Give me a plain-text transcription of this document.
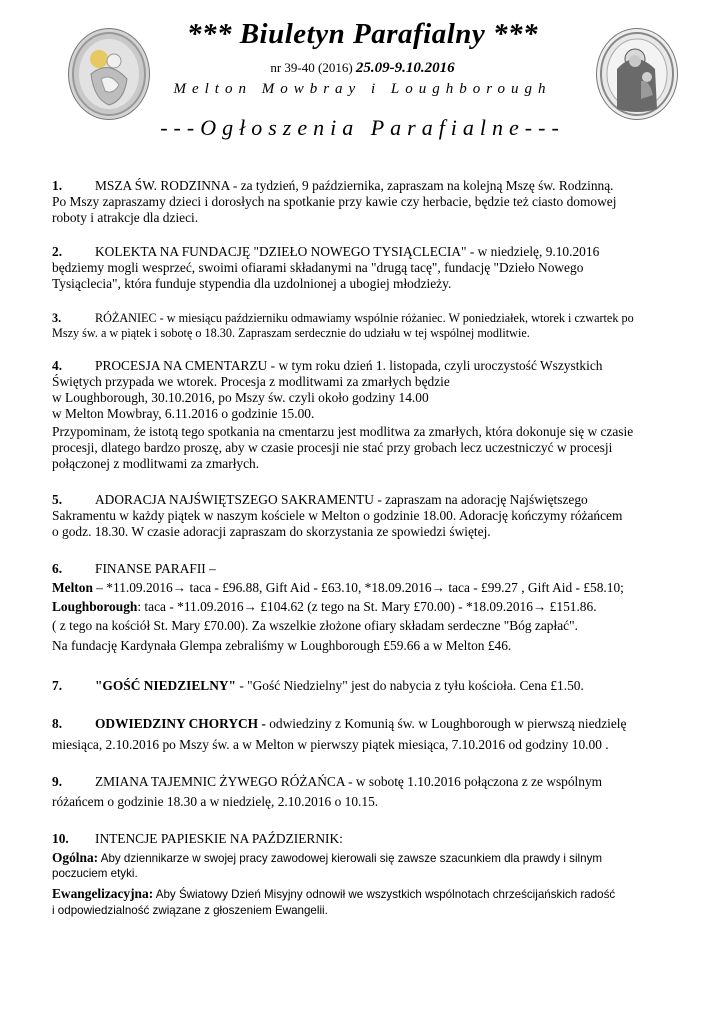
*** Biuletyn Parafialny ***
nr 39-40 (2016) 25.09-9.10.2016
Melton Mowbray i Loughborough
---Ogłoszenia Parafialne---
1. MSZA ŚW. RODZINNA - za tydzień, 9 października, zapraszam na kolejną Mszę św. Rodzinną.
Po Mszy zapraszamy dzieci i dorosłych na spotkanie przy kawie czy herbacie, będzie też ciasto domowej
roboty i atrakcje dla dzieci.
2. KOLEKTA NA FUNDACJĘ "DZIEŁO NOWEGO TYSIĄCLECIA" - w niedzielę, 9.10.2016
będziemy mogli wesprzeć, swoimi ofiarami składanymi na "drugą tacę", fundację "Dzieło Nowego
Tysiąclecia", która funduje stypendia dla uzdolnionej a ubogiej młodzieży.
3.	RÓŻANIEC - w miesiącu październiku odmawiamy wspólnie różaniec. W poniedziałek, wtorek i czwartek po
Mszy św. a w piątek i sobotę o 18.30. Zapraszam serdecznie do udziału w tej wspólnej modlitwie.
4. PROCESJA NA CMENTARZU - w tym roku dzień 1. listopada, czyli uroczystość Wszystkich
Świętych przypada we wtorek. Procesja z modlitwami za zmarłych będzie
w Loughborough, 30.10.2016, po Mszy św. czyli około godziny 14.00
w Melton Mowbray, 6.11.2016 o godzinie 15.00.
Przypominam, że istotą tego spotkania na cmentarzu jest modlitwa za zmarłych, która dokonuje się w czasie
procesji, dlatego bardzo proszę, aby w czasie procesji nie stać przy grobach lecz uczestniczyć w procesji
połączonej z modlitwami za zmarłych.
5. ADORACJA NAJŚWIĘTSZEGO SAKRAMENTU - zapraszam na adorację Najświętszego
Sakramentu w każdy piątek w naszym kościele w Melton o godzinie 18.00. Adorację kończymy różańcem
o godz. 18.30. W czasie adoracji zapraszam do skorzystania ze spowiedzi świętej.
6. FINANSE PARAFII –
Melton – *11.09.2016→ taca - £96.88, Gift Aid - £63.10, *18.09.2016→ taca - £99.27 , Gift Aid - £58.10;
Loughborough: taca - *11.09.2016→ £104.62 (z tego na St. Mary £70.00) - *18.09.2016→ £151.86.
( z tego na kościół St. Mary £70.00). Za wszelkie złożone ofiary składam serdeczne "Bóg zapłać".
Na fundację Kardynała Glempa zebraliśmy w Loughborough £59.66 a w Melton £46.
7. "GOŚĆ NIEDZIELNY" - "Gość Niedzielny" jest do nabycia z tyłu kościoła. Cena £1.50.
8. ODWIEDZINY CHORYCH - odwiedziny z Komunią św. w Loughborough w pierwszą niedzielę
miesiąca, 2.10.2016 po Mszy św. a w Melton w pierwszy piątek miesiąca, 7.10.2016 od godziny 10.00 .
9. ZMIANA TAJEMNIC ŻYWEGO RÓŻAŃCA - w sobotę 1.10.2016 połączona z ze wspólnym
różańcem o godzinie 18.30 a w niedzielę, 2.10.2016 o 10.15.
10. INTENCJE PAPIESKIE NA PAŹDZIERNIK:
Ogólna: Aby dziennikarze w swojej pracy zawodowej kierowali się zawsze szacunkiem dla prawdy i silnym
poczuciem etyki.
Ewangelizacyjna: Aby Światowy Dzień Misyjny odnowił we wszystkich wspólnotach chrześcijańskich radość
i odpowiedzialność związane z głoszeniem Ewangelii.
